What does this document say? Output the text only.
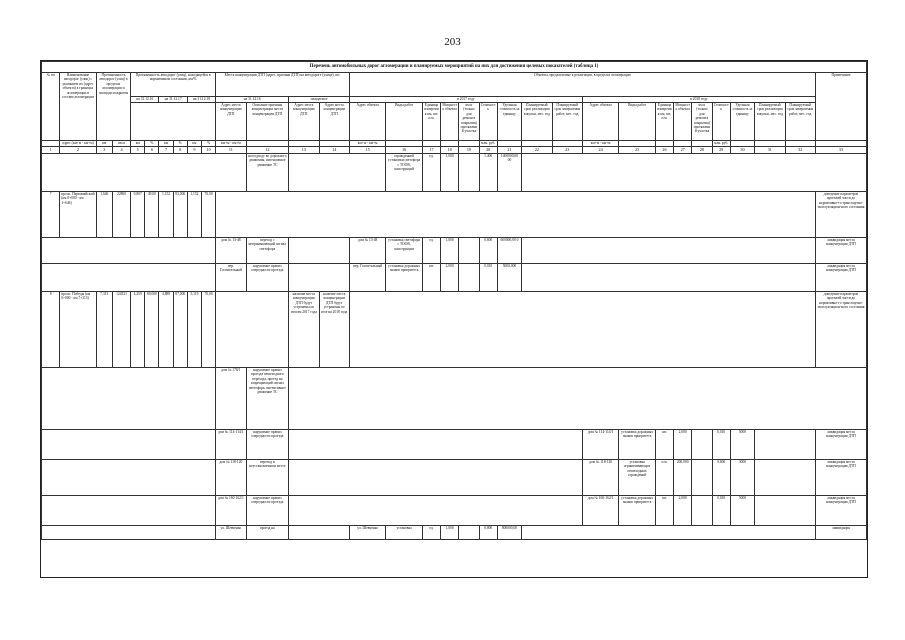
203
Перечень автомобильных дорог агломерации и планируемых мероприятий на них для достижения целевых показателей (таблица 1)																																
№ пп	Наименование автодорог (улиц) с указанием их (адрес объекта) в границах агломерации в составе агломерации	Протяженность автодорог (улиц) в пределах агломерации и площади покрытия		Протяженность автодорог (улиц), находящейся в нормативном состоянии, км/%						Места концентрации ДТП (адрес, причина ДТП) на автодороге (улице), шт.				Объекты, предлагаемые к реализации, в пределах агломерации																		Примечание
				на 31.12.16		на 31.12.17		на 31.12.18		на 31.12.16		ожидаемое		в 2017 году									в 2018 году									
										Адрес места концентрации ДТП	Описание причины концентрации места концентрации ДТП	Адрес места концентрации ДТП	Адрес места концентрации ДТП	Адрес объекта	Виды работ	Единица измерения км, шт, п.м.	Мощность объекта	км и (только для ремонта покрытия) протяжений участка	Стоимость	Удельная стоимость за единицу	Планируемый срок реализации закупки, мес. год	Планируемый срок завершения работ, мес. год	Адрес объекта	Виды работ	Единица измерения км, шт, п.м.	Мощность объекта	км и (только для ремонта покрытия) протяжений участка	Стоимость	Удельная стоимость за единицу	Планируемый срок реализации закупки, мес. год	Планируемый срок завершения работ, мес. год	
	адрес (км+м - км+м)	км	кв.м	км	%	км	%	км	%	км+м - км+м				км+м - км+м					млн. руб.				км+м - км+м					млн. руб.				
1	2	3	4	5	6	7	8	9	10	11	12	13	14	15	16	17	18	19	20	21	22	23	24	25	26	27	28	29	30	31	32	33
											на подходу во дорожного движения, интенсивное движение ТС				огражденной установки светофора с ТОOВ, конструкций	ед.	1,000		1,400	1400000,00 00												
7	просп. Первомайский (км 0+000 - км 1+646)	1,646	22800	0,807	49,00	1,152	83,000	1,152	70,00																							доведение параметров проезжей части до нормативно-го транспортно-эксплуатацион-ного состояния
										дом № 13-48	переход с непримыкающий сигнал светофора			дом № 13-48	установка светофора с ТОOВ, конструкции	ед.	1,000		0,600	600000,00 0												ликвидация места концентрации ДТП
										пер. Госпитальный	нарушение правил очередности проезда			пер. Госпитальный	установка дорожных знаков приоритета	шт.	2,000		0,010	5000,000												ликвидация места концентрации ДТП
8	просп. Победы (км 0+000 - км 7+313)	7,313	124521	4,259	69,000	4,889	87,000	5,119	70,00			наличие места концентрации ДТП будут устранены по итогам 2017 года	наличие места концентрации ДТП будут устранены по итогам 2018 года																			доведение параметров проезжей части до нормативно-го транспортно-эксплуатацион-ного состояния
										дом № 178/1	нарушение правил проезда пешеходного перехода, проезд на запрещающий сигнал светофора, интенсивное движение ТС																					
										дом № 114-114/1	нарушение правил очередности проезда												дом № 114-114/1	установка дорожных знаков приоритета	шт.	2,000		0,010	5000			ликвидация места концентрации ДТП
										дом № 118-120	переход в неустановленном месте												дом № 118-120	установка ограничивающих пешеходных ограждений	п.м.	200,000		0,600	3000			ликвидация места концентрации ДТП
										дом № 160-162/1	нарушение правил очередности проезда												дом № 160-162/1	установка дорожных знаков приоритета	шт.	2,000		0,010	5000			ликвидация места концентрации ДТП
										ул. Шевченко	проезд на			ул. Шевченко	установка	ед.	1,000		0,800	800000,00												ликвидация
